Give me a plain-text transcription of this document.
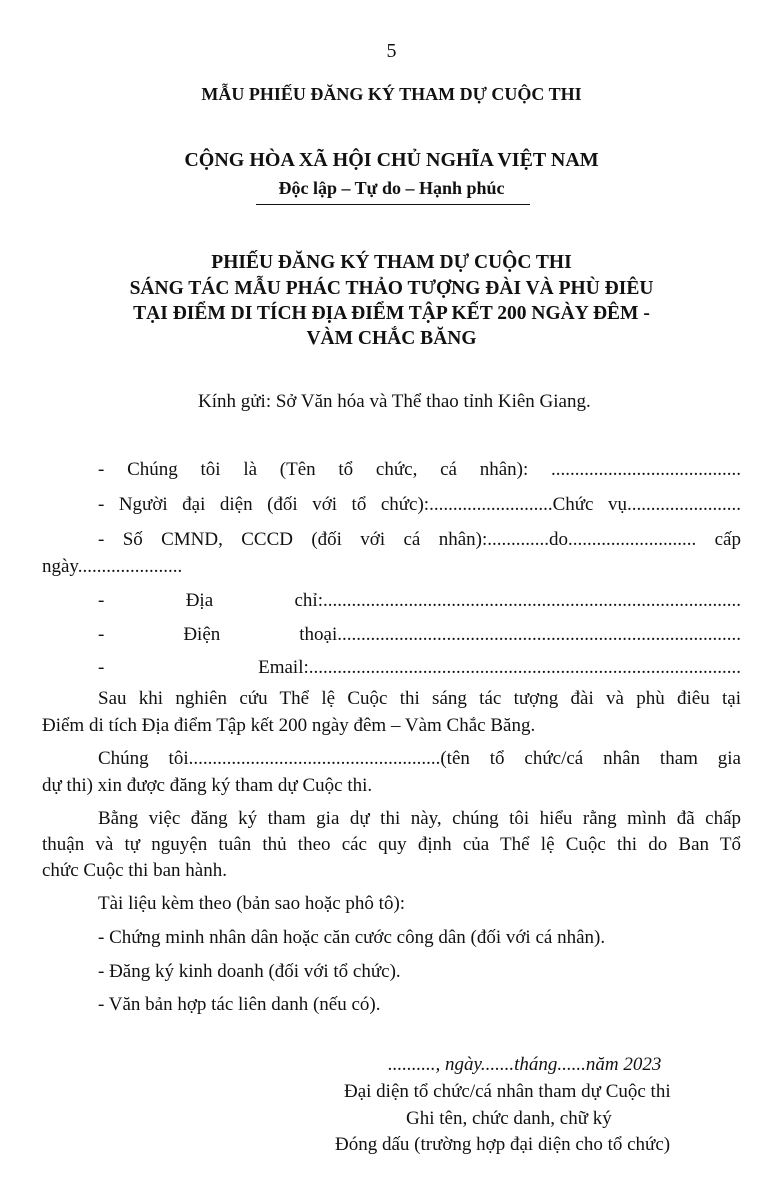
5
MẪU PHIẾU ĐĂNG KÝ THAM DỰ CUỘC THI
CỘNG HÒA XÃ HỘI CHỦ NGHĨA VIỆT NAM
Độc lập – Tự do – Hạnh phúc
PHIẾU ĐĂNG KÝ THAM DỰ CUỘC THI
SÁNG TÁC MẪU PHÁC THẢO TƯỢNG ĐÀI VÀ PHÙ ĐIÊU
TẠI ĐIỂM DI TÍCH ĐỊA ĐIỂM TẬP KẾT 200 NGÀY ĐÊM -
VÀM CHẮC BĂNG
Kính gửi: Sở Văn hóa và Thể thao tỉnh Kiên Giang.
- Chúng tôi là (Tên tổ chức, cá nhân): ........................................
- Người đại diện (đối với tổ chức):..........................Chức vụ........................
- Số CMND, CCCD (đối với cá nhân):.............do........................... cấp
ngày......................
- Địa chỉ:........................................................................................
- Điện thoại.....................................................................................
- Email:...........................................................................................
Sau khi nghiên cứu Thể lệ Cuộc thi sáng tác tượng đài và phù điêu tại
Điểm di tích Địa điểm Tập kết 200 ngày đêm – Vàm Chắc Băng.
Chúng tôi.....................................................(tên tổ chức/cá nhân tham gia
dự thi) xin được đăng ký tham dự Cuộc thi.
Bằng việc đăng ký tham gia dự thi này, chúng tôi hiểu rằng mình đã chấp
thuận và tự nguyện tuân thủ theo các quy định của Thể lệ Cuộc thi do Ban Tổ
chức Cuộc thi ban hành.
Tài liệu kèm theo (bản sao hoặc phô tô):
- Chứng minh nhân dân hoặc căn cước công dân (đối với cá nhân).
- Đăng ký kinh doanh (đối với tổ chức).
- Văn bản hợp tác liên danh (nếu có).
.........., ngày.......tháng......năm 2023
Đại diện tổ chức/cá nhân tham dự Cuộc thi
Ghi tên, chức danh, chữ ký
Đóng dấu (trường hợp đại diện cho tổ chức)
